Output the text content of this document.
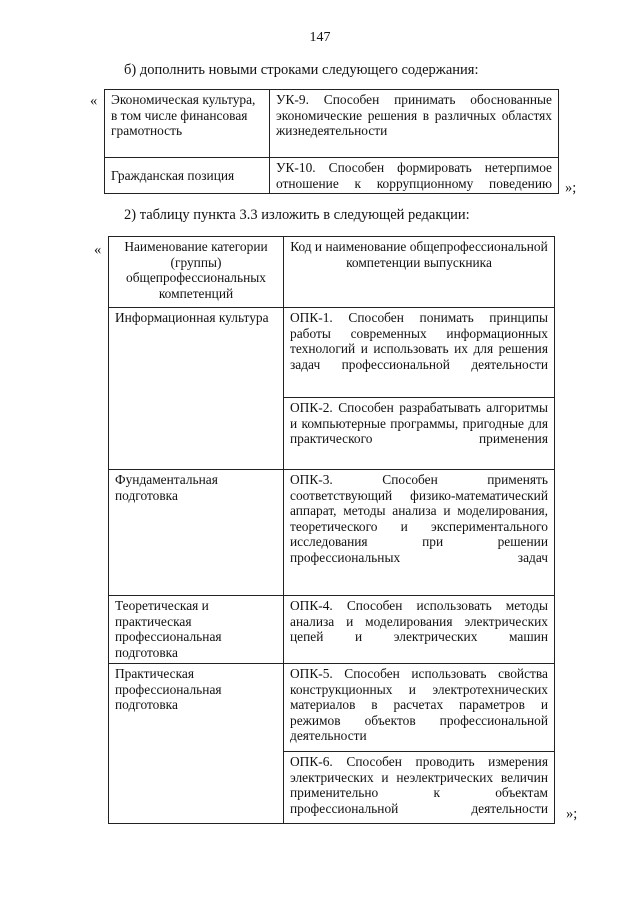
147
б) дополнить новыми строками следующего содержания:
« Экономическая культура, в том числе финансовая грамотность	УК-9. Способен принимать обоснованные экономические решения в различных областях жизнедеятельности
Гражданская позиция	УК-10. Способен формировать нетерпимое отношение к коррупционному поведению »;
2) таблицу пункта 3.3 изложить в следующей редакции:
« Наименование категории (группы) общепрофессиональных компетенций	Код и наименование общепрофессиональной компетенции выпускника
Информационная культура	ОПК-1. Способен понимать принципы работы современных информационных технологий и использовать их для решения задач профессиональной деятельности
	ОПК-2. Способен разрабатывать алгоритмы и компьютерные программы, пригодные для практического применения
Фундаментальная подготовка	ОПК-3. Способен применять соответствующий физико-математический аппарат, методы анализа и моделирования, теоретического и экспериментального исследования при решении профессиональных задач
Теоретическая и практическая профессиональная подготовка	ОПК-4. Способен использовать методы анализа и моделирования электрических цепей и электрических машин
Практическая профессиональная подготовка	ОПК-5. Способен использовать свойства конструкционных и электротехнических материалов в расчетах параметров и режимов объектов профессиональной деятельности
	ОПК-6. Способен проводить измерения электрических и неэлектрических величин применительно к объектам профессиональной деятельности »;
